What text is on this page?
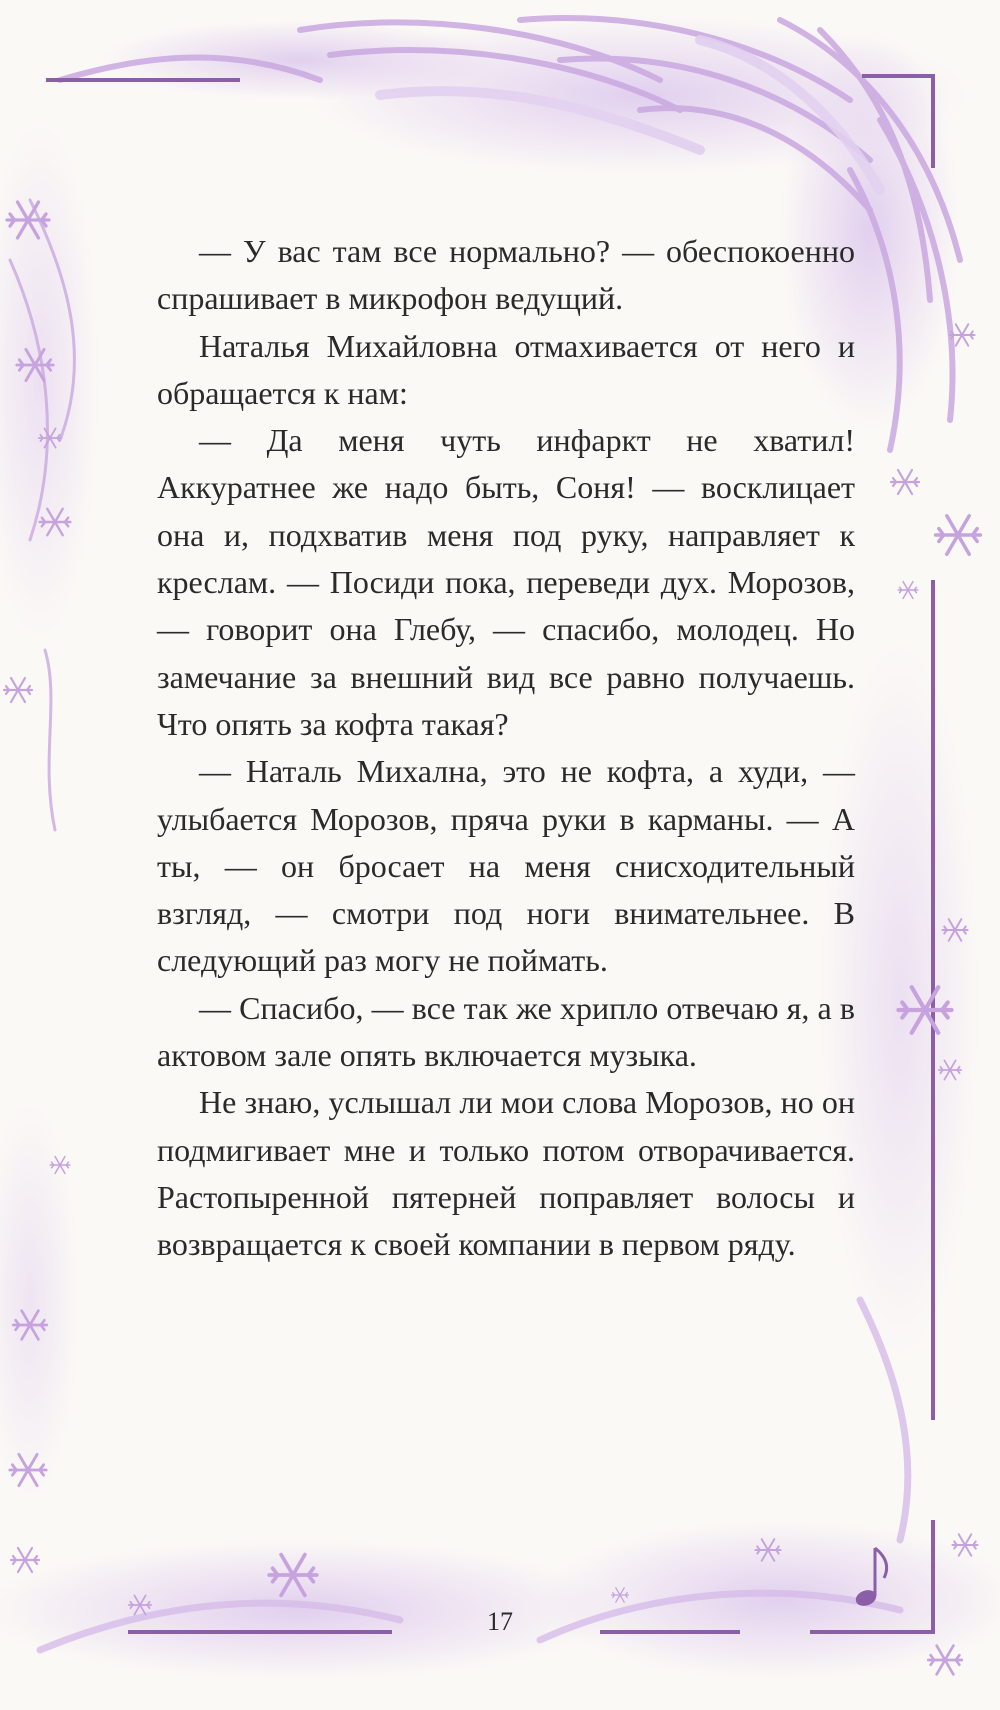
— У вас там все нормально? — обеспокоенно спрашивает в микрофон ведущий.

Наталья Михайловна отмахивается от него и обращается к нам:

— Да меня чуть инфаркт не хватил! Аккуратнее же надо быть, Соня! — восклицает она и, подхватив меня под руку, направляет к креслам. — Посиди пока, переведи дух. Морозов, — говорит она Глебу, — спасибо, молодец. Но замечание за внешний вид все равно получаешь. Что опять за кофта такая?

— Наталь Михална, это не кофта, а худи, — улыбается Морозов, пряча руки в карманы. — А ты, — он бросает на меня снисходительный взгляд, — смотри под ноги внимательнее. В следующий раз могу не поймать.

— Спасибо, — все так же хрипло отвечаю я, а в актовом зале опять включается музыка.

Не знаю, услышал ли мои слова Морозов, но он подмигивает мне и только потом отворачивается. Растопыренной пятерней поправляет волосы и возвращается к своей компании в первом ряду.

17
